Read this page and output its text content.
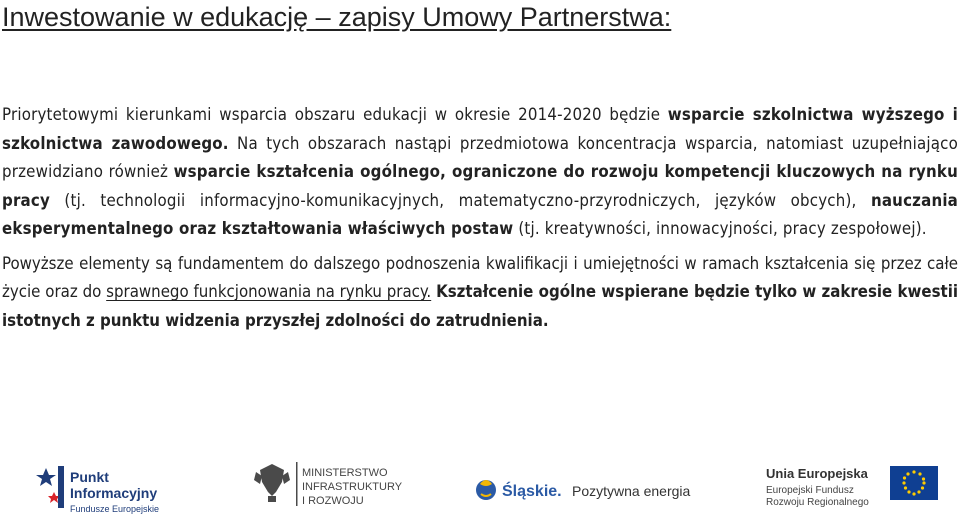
Inwestowanie w edukację – zapisy Umowy Partnerstwa:

Priorytetowymi kierunkami wsparcia obszaru edukacji w okresie 2014-2020 będzie wsparcie szkolnictwa wyższego i szkolnictwa zawodowego. Na tych obszarach nastąpi przedmiotowa koncentracja wsparcia, natomiast uzupełniająco przewidziano również wsparcie kształcenia ogólnego, ograniczone do rozwoju kompetencji kluczowych na rynku pracy (tj. technologii informacyjno-komunikacyjnych, matematyczno-przyrodniczych, języków obcych), nauczania eksperymentalnego oraz kształtowania właściwych postaw (tj. kreatywności, innowacyjności, pracy zespołowej).

Powyższe elementy są fundamentem do dalszego podnoszenia kwalifikacji i umiejętności w ramach kształcenia się przez całe życie oraz do sprawnego funkcjonowania na rynku pracy. Kształcenie ogólne wspierane będzie tylko w zakresie kwestii istotnych z punktu widzenia przyszłej zdolności do zatrudnienia.

Punkt
Informacyjny
Fundusze Europejskie
MINISTERSTWO
INFRASTRUKTURY
I ROZWOJU
Śląskie. Pozytywna energia
Unia Europejska
Europejski Fundusz
Rozwoju Regionalnego
